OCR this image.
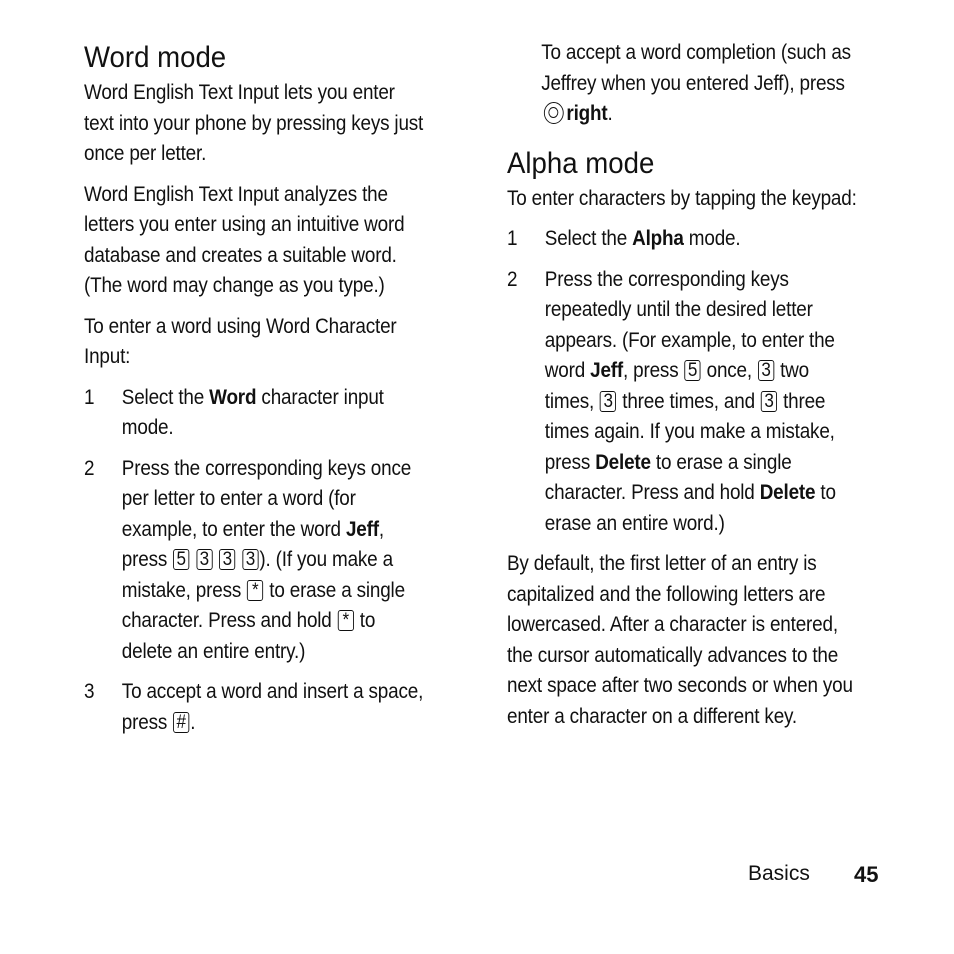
Word mode

Word English Text Input lets you enter text into your phone by pressing keys just once per letter.

Word English Text Input analyzes the letters you enter using an intuitive word database and creates a suitable word. (The word may change as you type.)

To enter a word using Word Character Input:

1 Select the Word character input mode.
2 Press the corresponding keys once per letter to enter a word (for example, to enter the word Jeff, press 5 3 3 3 ). (If you make a mistake, press * to erase a single character. Press and hold * to delete an entire entry.)
3 To accept a word and insert a space, press # .

To accept a word completion (such as Jeffrey when you entered Jeff), press right.

Alpha mode

To enter characters by tapping the keypad:

1 Select the Alpha mode.
2 Press the corresponding keys repeatedly until the desired letter appears. (For example, to enter the word Jeff, press 5 once, 3 two times, 3 three times, and 3 three times again. If you make a mistake, press Delete to erase a single character. Press and hold Delete to erase an entire word.)

By default, the first letter of an entry is capitalized and the following letters are lowercased. After a character is entered, the cursor automatically advances to the next space after two seconds or when you enter a character on a different key.

Basics 45
